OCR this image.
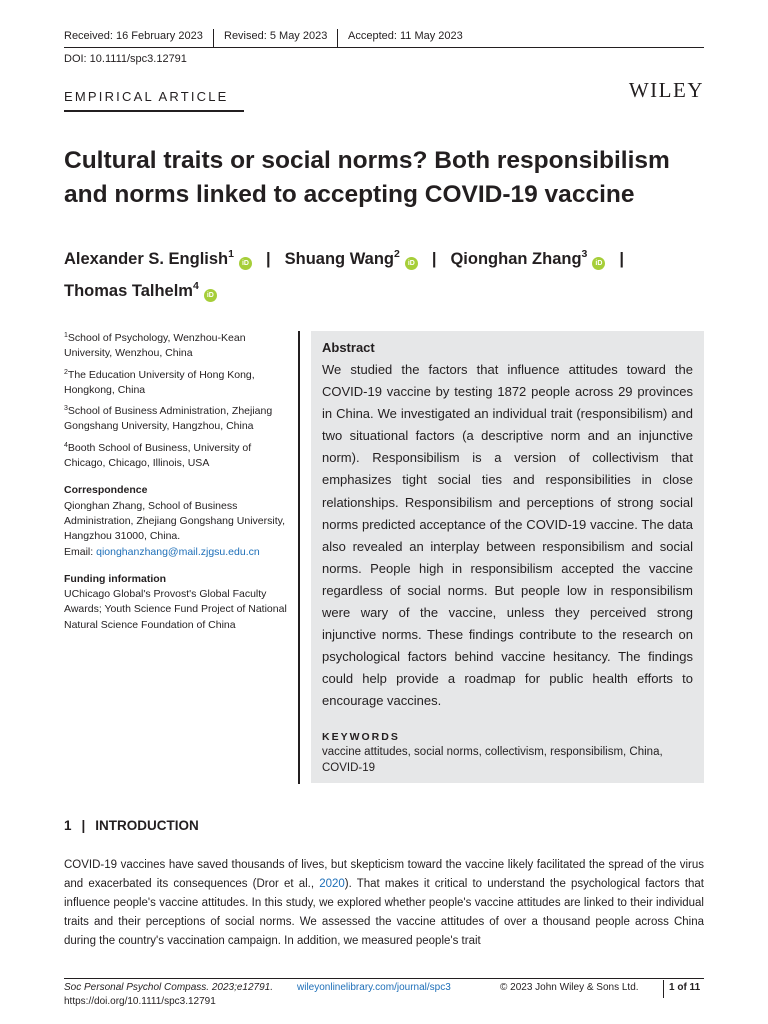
Received: 16 February 2023 Revised: 5 May 2023 Accepted: 11 May 2023
DOI: 10.1111/spc3.12791
EMPIRICAL ARTICLE	WILEY
Cultural traits or social norms? Both responsibilism and norms linked to accepting COVID-19 vaccine
Alexander S. English$^1$iD | Shuang Wang$^2$iD | Qionghan Zhang$^3$iD |
Thomas Talhelm$^4$iD
$^1$School of Psychology, Wenzhou-Kean University, Wenzhou, China
$^2$The Education University of Hong Kong, Hongkong, China
$^3$School of Business Administration, Zhejiang Gongshang University, Hangzhou, China
$^4$Booth School of Business, University of Chicago, Chicago, Illinois, USA
Correspondence
Qionghan Zhang, School of Business Administration, Zhejiang Gongshang University, Hangzhou 31000, China.
Email: qionghanzhang@mail.zjgsu.edu.cn
Funding information
UChicago Global's Provost's Global Faculty Awards; Youth Science Fund Project of National Natural Science Foundation of China
Abstract

We studied the factors that influence attitudes toward the COVID-19 vaccine by testing 1872 people across 29 provinces in China. We investigated an individual trait (responsibilism) and two situational factors (a descriptive norm and an injunctive norm). Responsibilism is a version of collectivism that emphasizes tight social ties and responsibilities in close relationships. Responsibilism and perceptions of strong social norms predicted acceptance of the COVID-19 vaccine. The data also revealed an interplay between responsibilism and social norms. People high in responsibilism accepted the vaccine regardless of social norms. But people low in responsibilism were wary of the vaccine, unless they perceived strong injunctive norms. These findings contribute to the research on psychological factors behind vaccine hesitancy. The findings could help provide a roadmap for public health efforts to encourage vaccines.

KEYWORDS
vaccine attitudes, social norms, collectivism, responsibilism, China, COVID-19
1 | INTRODUCTION

COVID-19 vaccines have saved thousands of lives, but skepticism toward the vaccine likely facilitated the spread of the virus and exacerbated its consequences (Dror et al., 2020). That makes it critical to understand the psychological factors that influence people's vaccine attitudes. In this study, we explored whether people's vaccine attitudes are linked to their individual traits and their perceptions of social norms. We assessed the vaccine attitudes of over a thousand people across China during the country's vaccination campaign. In addition, we measured people's trait

Soc Personal Psychol Compass. 2023;e12791.
https://doi.org/10.1111/spc3.12791
wileyonlinelibrary.com/journal/spc3	© 2023 John Wiley & Sons Ltd.	1 of 11
